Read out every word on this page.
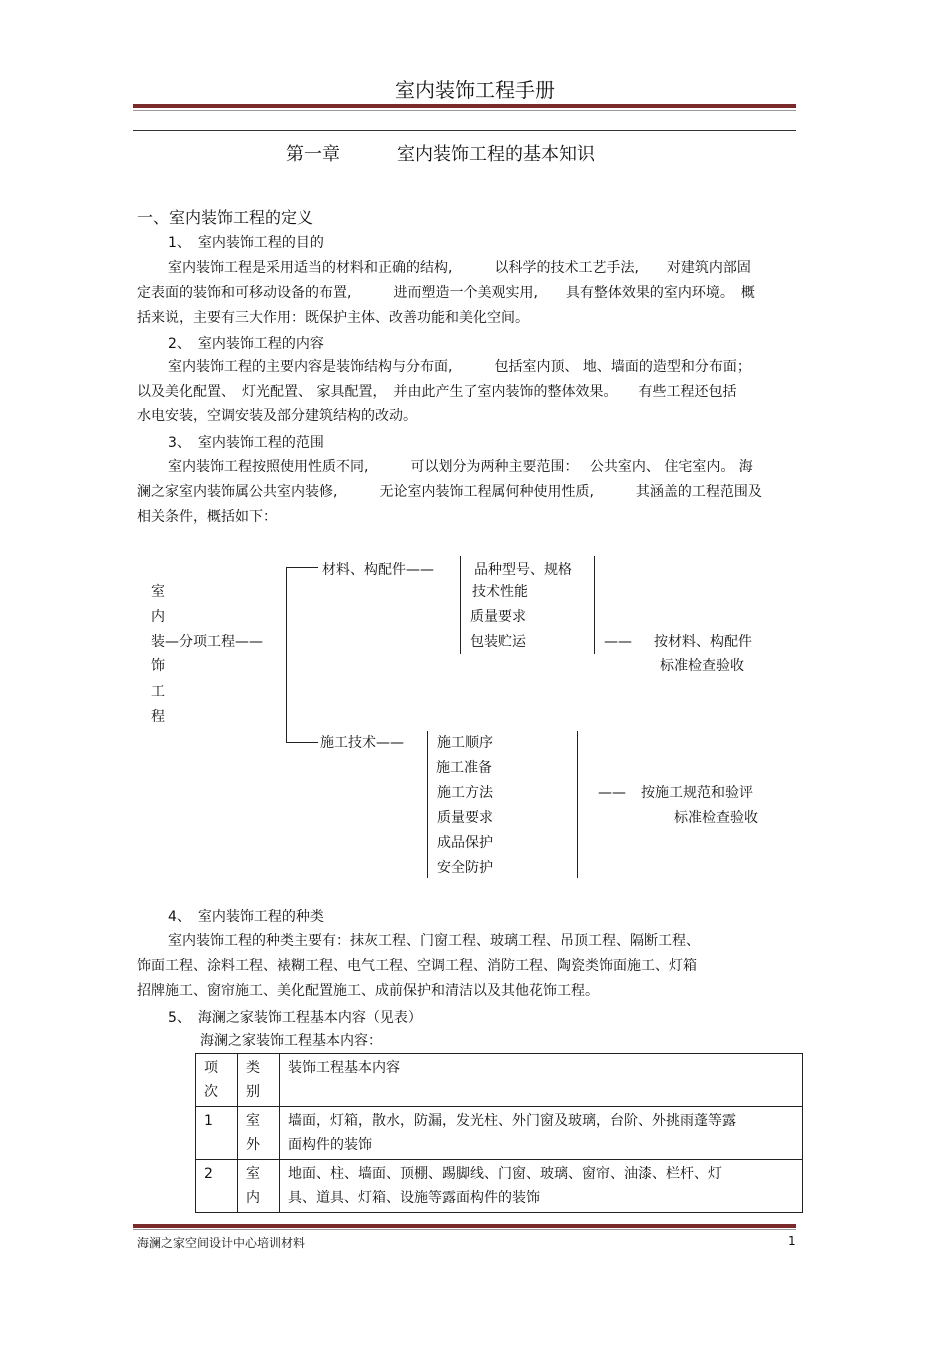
室内装饰工程手册
第一章	室内装饰工程的基本知识
一、室内装饰工程的定义
1、　室内装饰工程的目的
室内装饰工程是采用适当的材料和正确的结构,　　　以科学的技术工艺手法,　　对建筑内部固
定表面的装饰和可移动设备的布置,　　　进而塑造一个美观实用,　　具有整体效果的室内环境。　概
括来说，主要有三大作用：既保护主体、改善功能和美化空间。
2、　室内装饰工程的内容
室内装饰工程的主要内容是装饰结构与分布面,　　　包括室内顶、 地、墙面的造型和分布面；
以及美化配置、　灯光配置、 家具配置，　并由此产生了室内装饰的整体效果。　　有些工程还包括
水电安装，空调安装及部分建筑结构的改动。
3、　室内装饰工程的范围
室内装饰工程按照使用性质不同,　　　可以划分为两种主要范围：　 公共室内、 住宅室内。 海
澜之家室内装饰属公共室内装修,　　　无论室内装饰工程属何种使用性质,　　　其涵盖的工程范围及
相关条件，概括如下：
室
内
装 —分项工程——
饰
工
程
材料、构配件——	品种型号、规格
技术性能
质量要求
包装贮运	—— 按材料、构配件
标准检查验收
施工技术—— 施工顺序
施工准备
施工方法
质量要求
成品保护
安全防护
—— 按施工规范和验评
标准检查验收
4、　室内装饰工程的种类
室内装饰工程的种类主要有：抹灰工程、门窗工程、玻璃工程、吊顶工程、隔断工程、
饰面工程、涂料工程、裱糊工程、电气工程、空调工程、消防工程、陶瓷类饰面施工、灯箱
招牌施工、窗帘施工、美化配置施工、成前保护和清洁以及其他花饰工程。
5、　海澜之家装饰工程基本内容（见表）
海澜之家装饰工程基本内容：
项次	类别	装饰工程基本内容
1	室外	墙面，灯箱，散水，防漏，发光柱、外门窗及玻璃，台阶、外挑雨蓬等露面构件的装饰
2	室内	地面、柱、墙面、顶棚、踢脚线、门窗、玻璃、窗帘、油漆、栏杆、灯具、道具、灯箱、设施等露面构件的装饰
海澜之家空间设计中心培训材料	1
